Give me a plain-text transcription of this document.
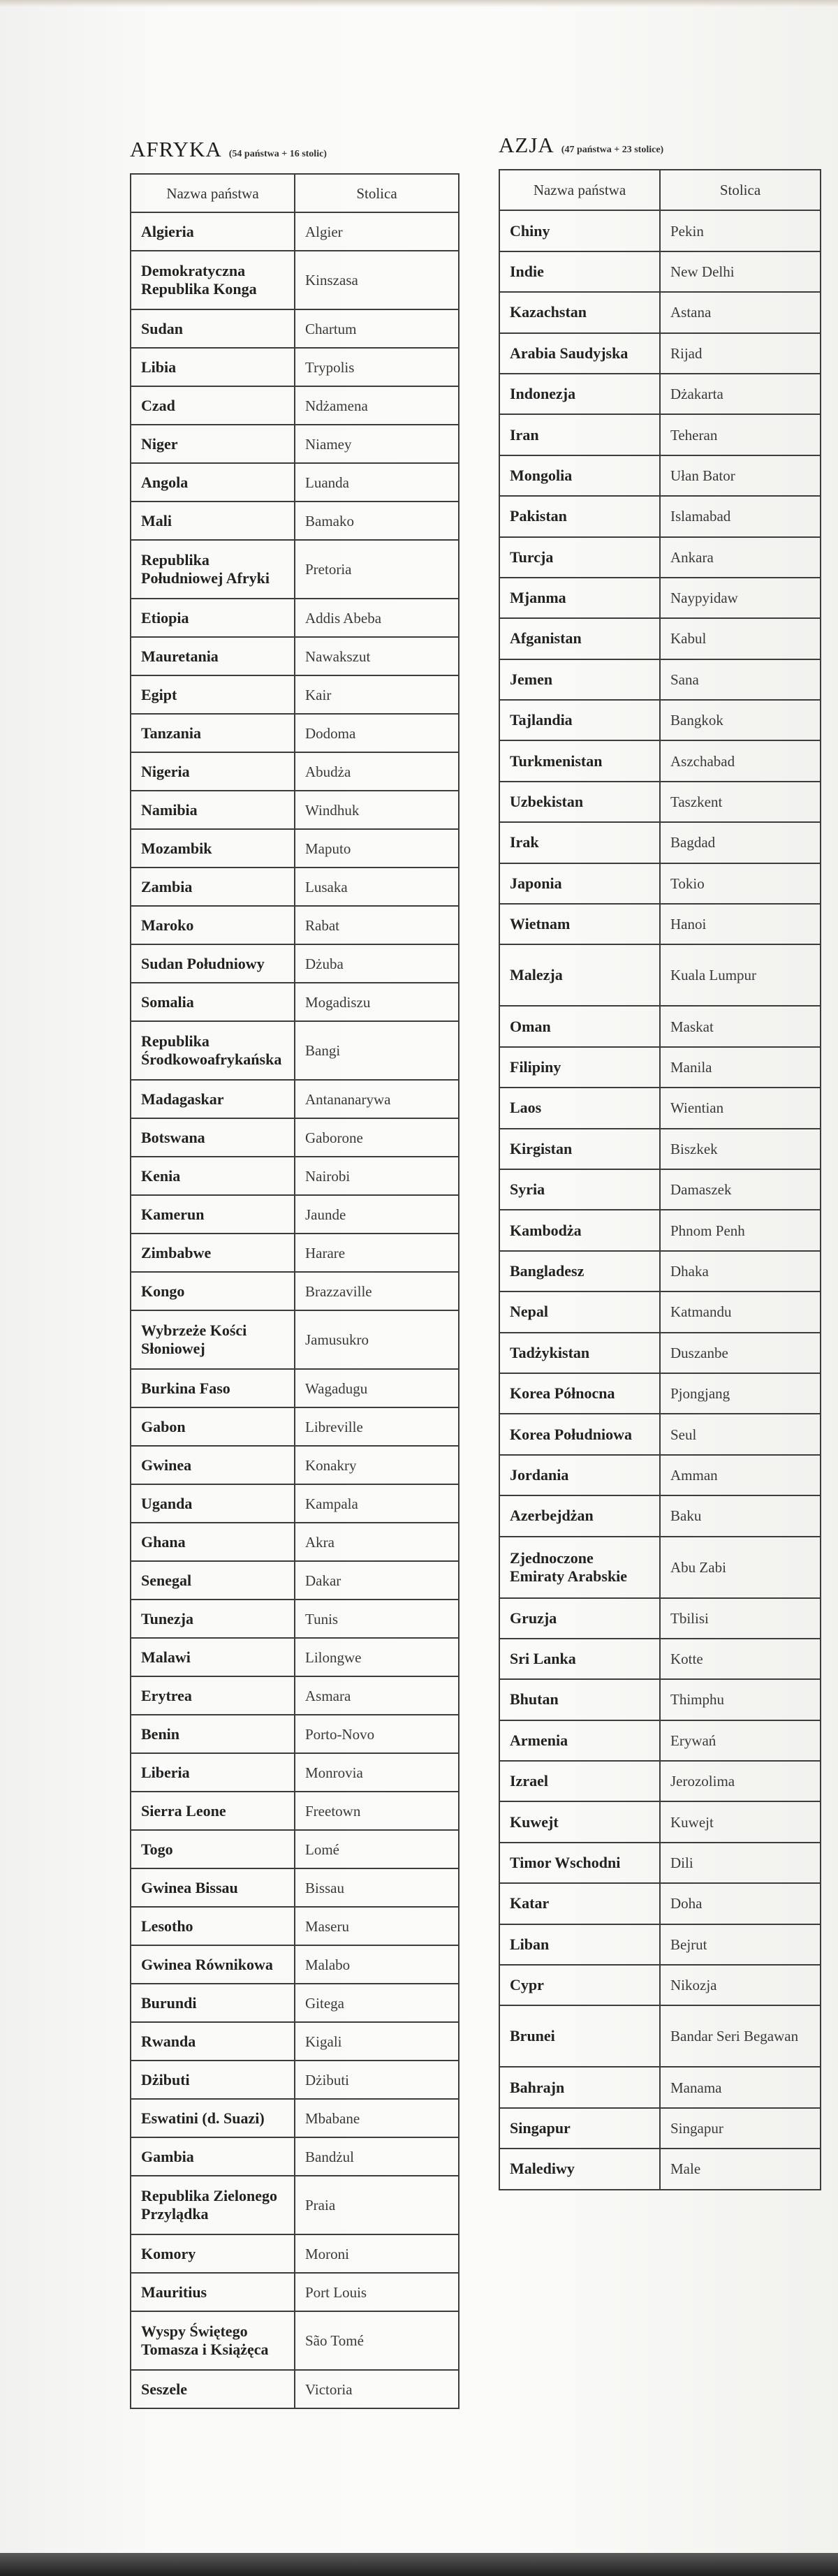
AFRYKA (54 państwa + 16 stolic)
Nazwa państwa	Stolica
Algieria	Algier
Demokratyczna Republika Konga	Kinszasa
Sudan	Chartum
Libia	Trypolis
Czad	Ndżamena
Niger	Niamey
Angola	Luanda
Mali	Bamako
Republika Południowej Afryki	Pretoria
Etiopia	Addis Abeba
Mauretania	Nawakszut
Egipt	Kair
Tanzania	Dodoma
Nigeria	Abudża
Namibia	Windhuk
Mozambik	Maputo
Zambia	Lusaka
Maroko	Rabat
Sudan Południowy	Dżuba
Somalia	Mogadiszu
Republika Środkowoafrykańska	Bangi
Madagaskar	Antananarywa
Botswana	Gaborone
Kenia	Nairobi
Kamerun	Jaunde
Zimbabwe	Harare
Kongo	Brazzaville
Wybrzeże Kości Słoniowej	Jamusukro
Burkina Faso	Wagadugu
Gabon	Libreville
Gwinea	Konakry
Uganda	Kampala
Ghana	Akra
Senegal	Dakar
Tunezja	Tunis
Malawi	Lilongwe
Erytrea	Asmara
Benin	Porto-Novo
Liberia	Monrovia
Sierra Leone	Freetown
Togo	Lomé
Gwinea Bissau	Bissau
Lesotho	Maseru
Gwinea Równikowa	Malabo
Burundi	Gitega
Rwanda	Kigali
Dżibuti	Dżibuti
Eswatini (d. Suazi)	Mbabane
Gambia	Bandżul
Republika Zielonego Przylądka	Praia
Komory	Moroni
Mauritius	Port Louis
Wyspy Świętego Tomasza i Książęca	São Tomé
Seszele	Victoria
AZJA (47 państwa + 23 stolice)
Nazwa państwa	Stolica
Chiny	Pekin
Indie	New Delhi
Kazachstan	Astana
Arabia Saudyjska	Rijad
Indonezja	Dżakarta
Iran	Teheran
Mongolia	Ułan Bator
Pakistan	Islamabad
Turcja	Ankara
Mjanma	Naypyidaw
Afganistan	Kabul
Jemen	Sana
Tajlandia	Bangkok
Turkmenistan	Aszchabad
Uzbekistan	Taszkent
Irak	Bagdad
Japonia	Tokio
Wietnam	Hanoi
Malezja	Kuala Lumpur
Oman	Maskat
Filipiny	Manila
Laos	Wientian
Kirgistan	Biszkek
Syria	Damaszek
Kambodża	Phnom Penh
Bangladesz	Dhaka
Nepal	Katmandu
Tadżykistan	Duszanbe
Korea Północna	Pjongjang
Korea Południowa	Seul
Jordania	Amman
Azerbejdżan	Baku
Zjednoczone Emiraty Arabskie	Abu Zabi
Gruzja	Tbilisi
Sri Lanka	Kotte
Bhutan	Thimphu
Armenia	Erywań
Izrael	Jerozolima
Kuwejt	Kuwejt
Timor Wschodni	Dili
Katar	Doha
Liban	Bejrut
Cypr	Nikozja
Brunei	Bandar Seri Begawan
Bahrajn	Manama
Singapur	Singapur
Malediwy	Male
